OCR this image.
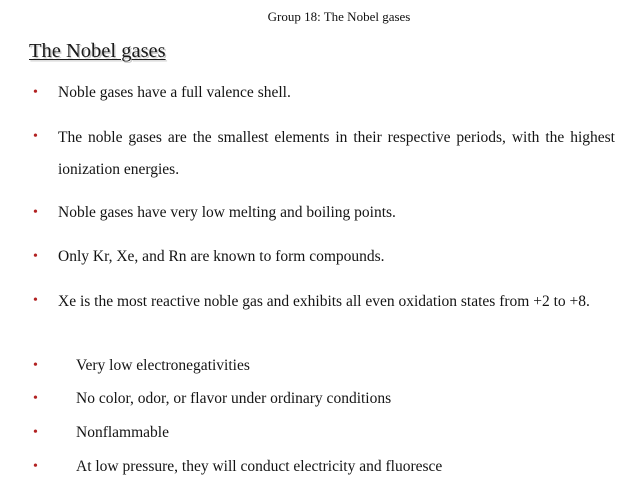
Group 18: The Nobel gases
The Nobel gases
• Noble gases have a full valence shell.
• The noble gases are the smallest elements in their respective periods, with the highest ionization energies.
• Noble gases have very low melting and boiling points.
• Only Kr, Xe, and Rn are known to form compounds.
• Xe is the most reactive noble gas and exhibits all even oxidation states from +2 to +8.
• Very low electronegativities
• No color, odor, or flavor under ordinary conditions
• Nonflammable
• At low pressure, they will conduct electricity and fluoresce
